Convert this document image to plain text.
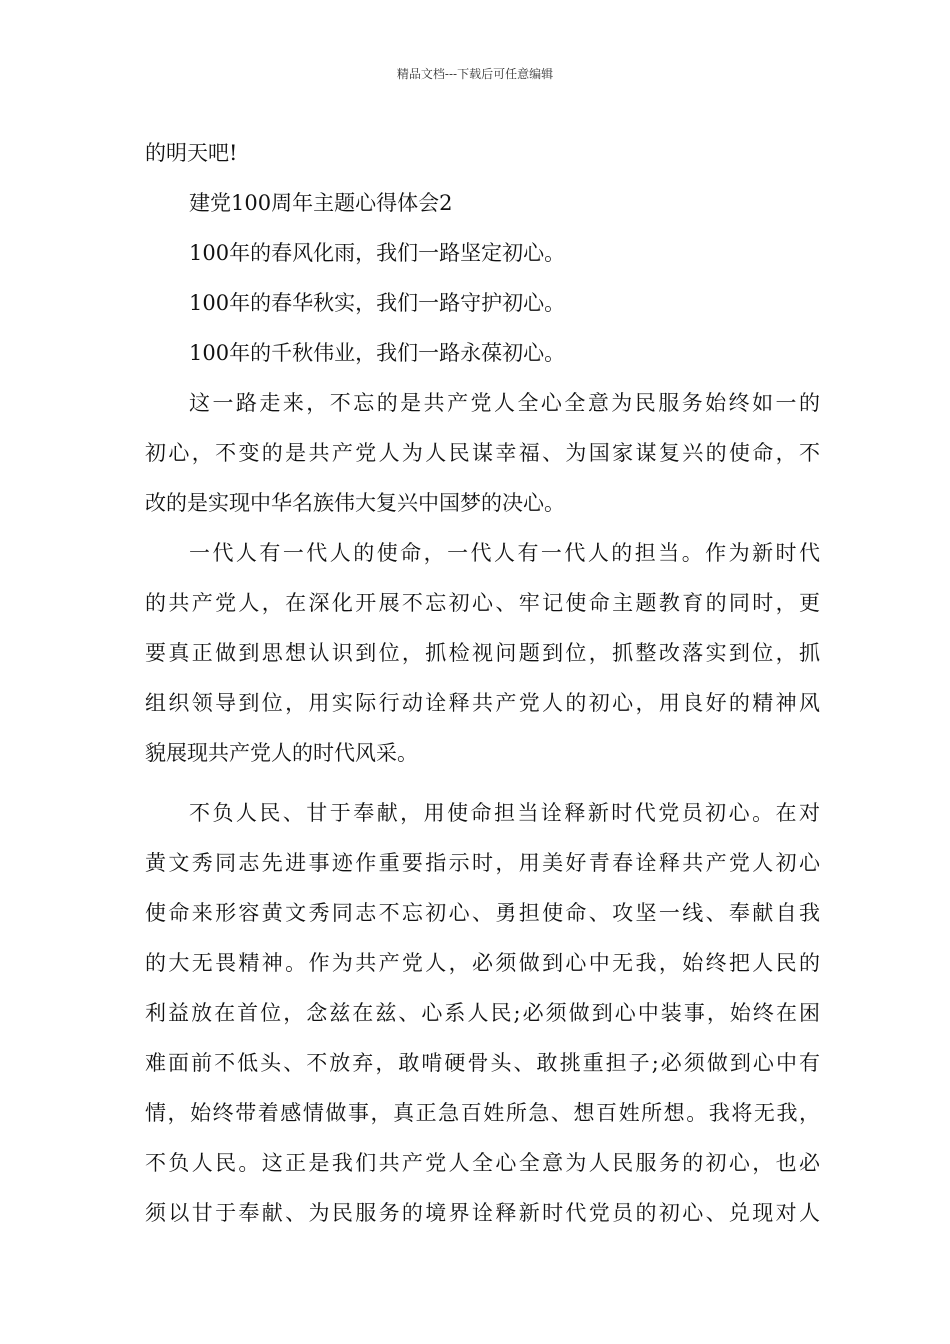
精品文档---下载后可任意编辑
的明天吧!
建党100周年主题心得体会2
100年的春风化雨，我们一路坚定初心。
100年的春华秋实，我们一路守护初心。
100年的千秋伟业，我们一路永葆初心。
这一路走来，不忘的是共产党人全心全意为民服务始终如一的
初心，不变的是共产党人为人民谋幸福、为国家谋复兴的使命，不
改的是实现中华名族伟大复兴中国梦的决心。
一代人有一代人的使命，一代人有一代人的担当。作为新时代
的共产党人，在深化开展不忘初心、牢记使命主题教育的同时，更
要真正做到思想认识到位，抓检视问题到位，抓整改落实到位，抓
组织领导到位，用实际行动诠释共产党人的初心，用良好的精神风
貌展现共产党人的时代风采。
不负人民、甘于奉献，用使命担当诠释新时代党员初心。在对
黄文秀同志先进事迹作重要指示时，用美好青春诠释共产党人初心
使命来形容黄文秀同志不忘初心、勇担使命、攻坚一线、奉献自我
的大无畏精神。作为共产党人，必须做到心中无我，始终把人民的
利益放在首位，念兹在兹、心系人民;必须做到心中装事，始终在困
难面前不低头、不放弃，敢啃硬骨头、敢挑重担子;必须做到心中有
情，始终带着感情做事，真正急百姓所急、想百姓所想。我将无我，
不负人民。这正是我们共产党人全心全意为人民服务的初心，也必
须以甘于奉献、为民服务的境界诠释新时代党员的初心、兑现对人
